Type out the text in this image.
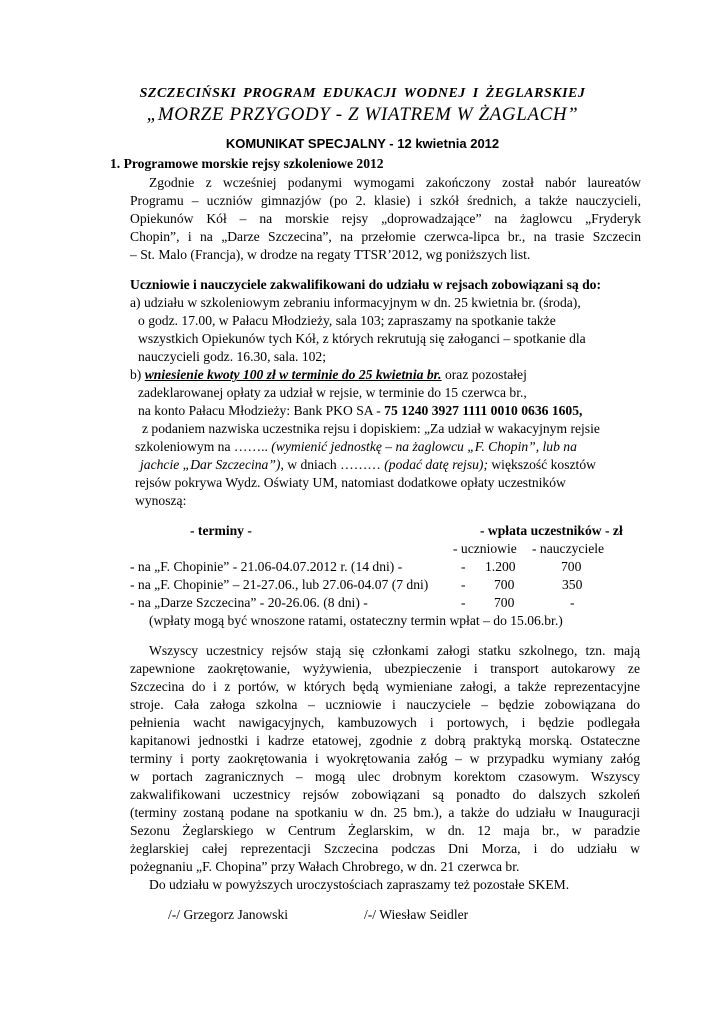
SZCZECIŃSKI PROGRAM EDUKACJI WODNEJ I ŻEGLARSKIEJ
„MORZE PRZYGODY - Z WIATREM W ŻAGLACH”
KOMUNIKAT SPECJALNY - 12 kwietnia 2012
1. Programowe morskie rejsy szkoleniowe 2012
Zgodnie z wcześniej podanymi wymogami zakończony został nabór laureatów
Programu – uczniów gimnazjów (po 2. klasie) i szkół średnich, a także nauczycieli,
Opiekunów Kół – na morskie rejsy „doprowadzające” na żaglowcu „Fryderyk
Chopin”, i na „Darze Szczecina”, na przełomie czerwca-lipca br., na trasie Szczecin
– St. Malo (Francja), w drodze na regaty TTSR’2012, wg poniższych list.
Uczniowie i nauczyciele zakwalifikowani do udziału w rejsach zobowiązani są do:
a) udziału w szkoleniowym zebraniu informacyjnym w dn. 25 kwietnia br. (środa),
o godz. 17.00, w Pałacu Młodzieży, sala 103; zapraszamy na spotkanie także
wszystkich Opiekunów tych Kół, z których rekrutują się załoganci – spotkanie dla
nauczycieli godz. 16.30, sala. 102;
b) wniesienie kwoty 100 zł w terminie do 25 kwietnia br. oraz pozostałej
zadeklarowanej opłaty za udział w rejsie, w terminie do 15 czerwca br.,
na konto Pałacu Młodzieży: Bank PKO SA - 75 1240 3927 1111 0010 0636 1605,
z podaniem nazwiska uczestnika rejsu i dopiskiem: „Za udział w wakacyjnym rejsie
szkoleniowym na …….. (wymienić jednostkę – na żaglowcu „F. Chopin”, lub na
jachcie „Dar Szczecina”), w dniach ……… (podać datę rejsu); większość kosztów
rejsów pokrywa Wydz. Oświaty UM, natomiast dodatkowe opłaty uczestników
wynoszą:
- terminy -	- wpłata uczestników - zł
- uczniowie - nauczyciele
- na „F. Chopinie” - 21.06-04.07.2012 r. (14 dni) -	- 1.200	700
- na „F. Chopinie” – 21-27.06., lub 27.06-04.07 (7 dni) - 700	350
- na „Darze Szczecina” - 20-26.06. (8 dni) -	- 700	-
(wpłaty mogą być wnoszone ratami, ostateczny termin wpłat – do 15.06.br.)
Wszyscy uczestnicy rejsów stają się członkami załogi statku szkolnego, tzn. mają
zapewnione zaokrętowanie, wyżywienia, ubezpieczenie i transport autokarowy ze
Szczecina do i z portów, w których będą wymieniane załogi, a także reprezentacyjne
stroje. Cała załoga szkolna – uczniowie i nauczyciele – będzie zobowiązana do
pełnienia wacht nawigacyjnych, kambuzowych i portowych, i będzie podlegała
kapitanowi jednostki i kadrze etatowej, zgodnie z dobrą praktyką morską. Ostateczne
terminy i porty zaokrętowania i wyokrętowania załóg – w przypadku wymiany załóg
w portach zagranicznych – mogą ulec drobnym korektom czasowym. Wszyscy
zakwalifikowani uczestnicy rejsów zobowiązani są ponadto do dalszych szkoleń
(terminy zostaną podane na spotkaniu w dn. 25 bm.), a także do udziału w Inauguracji
Sezonu Żeglarskiego w Centrum Żeglarskim, w dn. 12 maja br., w paradzie
żeglarskiej całej reprezentacji Szczecina podczas Dni Morza, i do udziału w
pożegnaniu „F. Chopina” przy Wałach Chrobrego, w dn. 21 czerwca br.
Do udziału w powyższych uroczystościach zapraszamy też pozostałe SKEM.
/-/ Grzegorz Janowski	/-/ Wiesław Seidler
